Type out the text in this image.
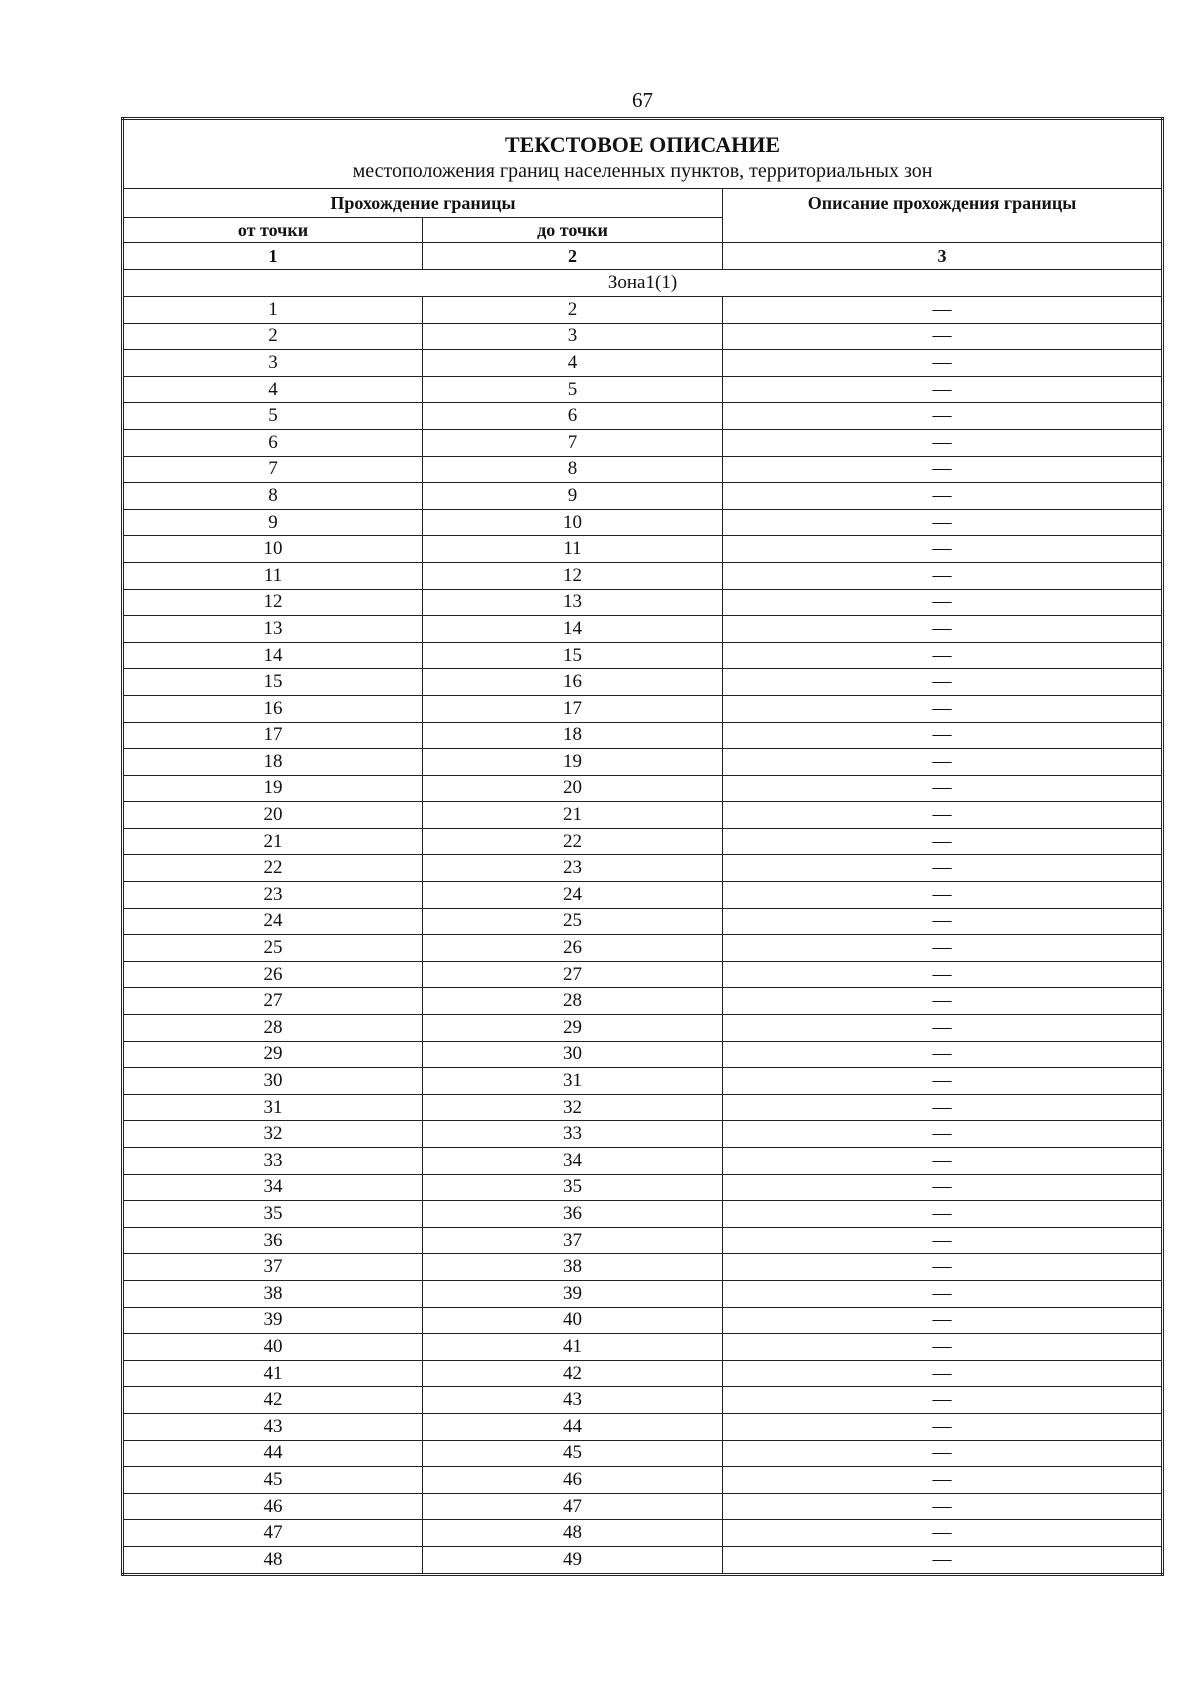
67
ТЕКСТОВОЕ ОПИСАНИЕ
местоположения границ населенных пунктов, территориальных зон		

Прохождение границы		Описание прохождения границы
от точки	до точки	
1	2	3
Зона1(1)		
1	2	—
2	3	—
3	4	—
4	5	—
5	6	—
6	7	—
7	8	—
8	9	—
9	10	—
10	11	—
11	12	—
12	13	—
13	14	—
14	15	—
15	16	—
16	17	—
17	18	—
18	19	—
19	20	—
20	21	—
21	22	—
22	23	—
23	24	—
24	25	—
25	26	—
26	27	—
27	28	—
28	29	—
29	30	—
30	31	—
31	32	—
32	33	—
33	34	—
34	35	—
35	36	—
36	37	—
37	38	—
38	39	—
39	40	—
40	41	—
41	42	—
42	43	—
43	44	—
44	45	—
45	46	—
46	47	—
47	48	—
48	49	—
